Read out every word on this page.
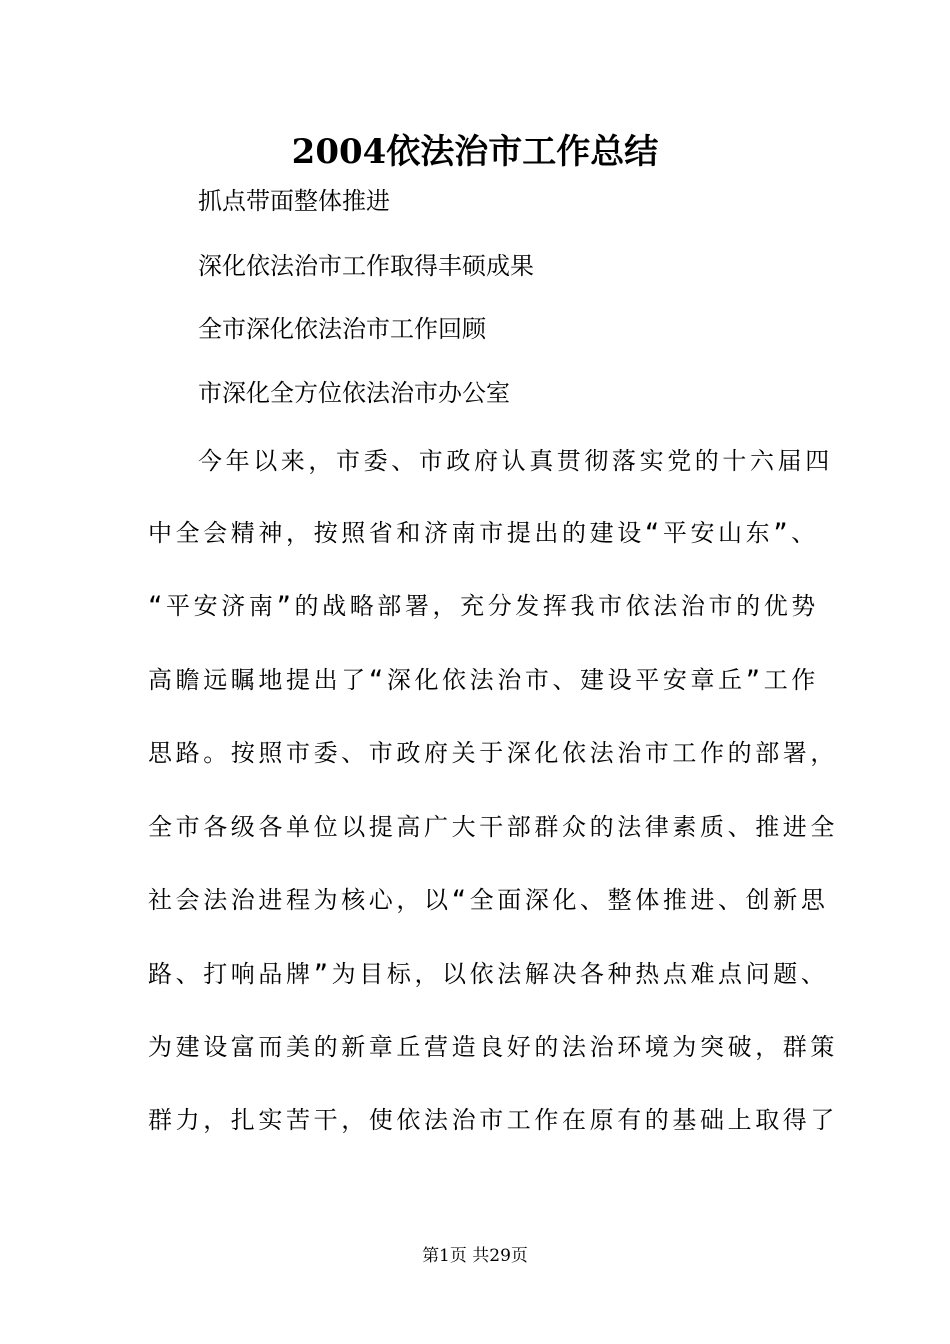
2004依法治市工作总结
抓点带面整体推进
深化依法治市工作取得丰硕成果
全市深化依法治市工作回顾
市深化全方位依法治市办公室
今年以来，市委、市政府认真贯彻落实党的十六届四
中全会精神，按照省和济南市提出的建设“平安山东”、
“平安济南”的战略部署，充分发挥我市依法治市的优势
高瞻远瞩地提出了“深化依法治市、建设平安章丘”工作
思路。按照市委、市政府关于深化依法治市工作的部署，
全市各级各单位以提高广大干部群众的法律素质、推进全
社会法治进程为核心，以“全面深化、整体推进、创新思
路、打响品牌”为目标，以依法解决各种热点难点问题、
为建设富而美的新章丘营造良好的法治环境为突破，群策
群力，扎实苦干，使依法治市工作在原有的基础上取得了
第1页 共29页
